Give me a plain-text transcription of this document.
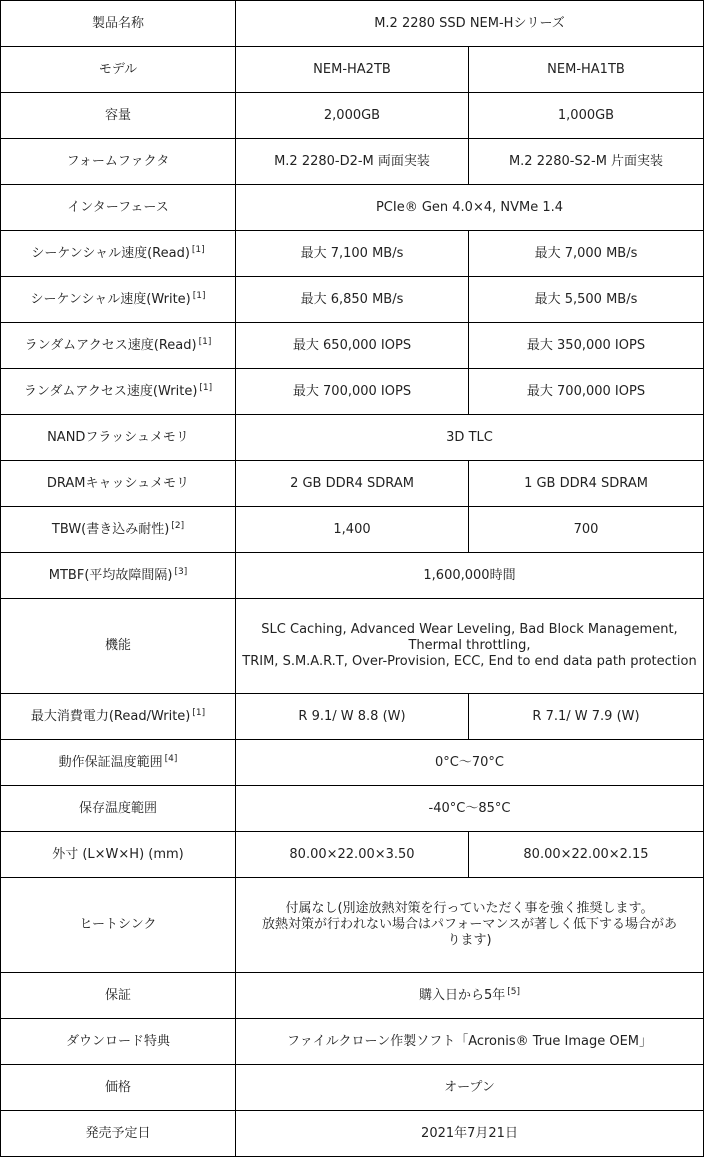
製品名称	M.2 2280 SSD NEM-Hシリーズ	
モデル	NEM-HA2TB	NEM-HA1TB
容量	2,000GB	1,000GB
フォームファクタ	M.2 2280-D2-M 両面実装	M.2 2280-S2-M 片面実装
インターフェース	PCIe® Gen 4.0×4, NVMe 1.4	
シーケンシャル速度(Read) [1]	最大 7,100 MB/s	最大 7,000 MB/s
シーケンシャル速度(Write) [1]	最大 6,850 MB/s	最大 5,500 MB/s
ランダムアクセス速度(Read) [1]	最大 650,000 IOPS	最大 350,000 IOPS
ランダムアクセス速度(Write) [1]	最大 700,000 IOPS	最大 700,000 IOPS
NANDフラッシュメモリ	3D TLC	
DRAMキャッシュメモリ	2 GB DDR4 SDRAM	1 GB DDR4 SDRAM
TBW(書き込み耐性) [2]	1,400	700
MTBF(平均故障間隔) [3]	1,600,000時間	
機能	SLC Caching, Advanced Wear Leveling, Bad Block Management,
Thermal throttling,
TRIM, S.M.A.R.T, Over-Provision, ECC, End to end data path protection	

最大消費電力(Read/Write) [1]	R 9.1/ W 8.8 (W)	R 7.1/ W 7.9 (W)
動作保証温度範囲 [4]	0°C〜70°C	
保存温度範囲	-40°C〜85°C	
外寸 (L×W×H) (mm)	80.00×22.00×3.50	80.00×22.00×2.15
ヒートシンク	付属なし(別途放熱対策を行っていただく事を強く推奨します。
放熱対策が行われない場合はパフォーマンスが著しく低下する場合があ
ります)	

保証	購入日から5年 [5]
ダウンロード特典	ファイルクローン作製ソフト「Acronis® True Image OEM」	
価格	オープン	
発売予定日	2021年7月21日	
